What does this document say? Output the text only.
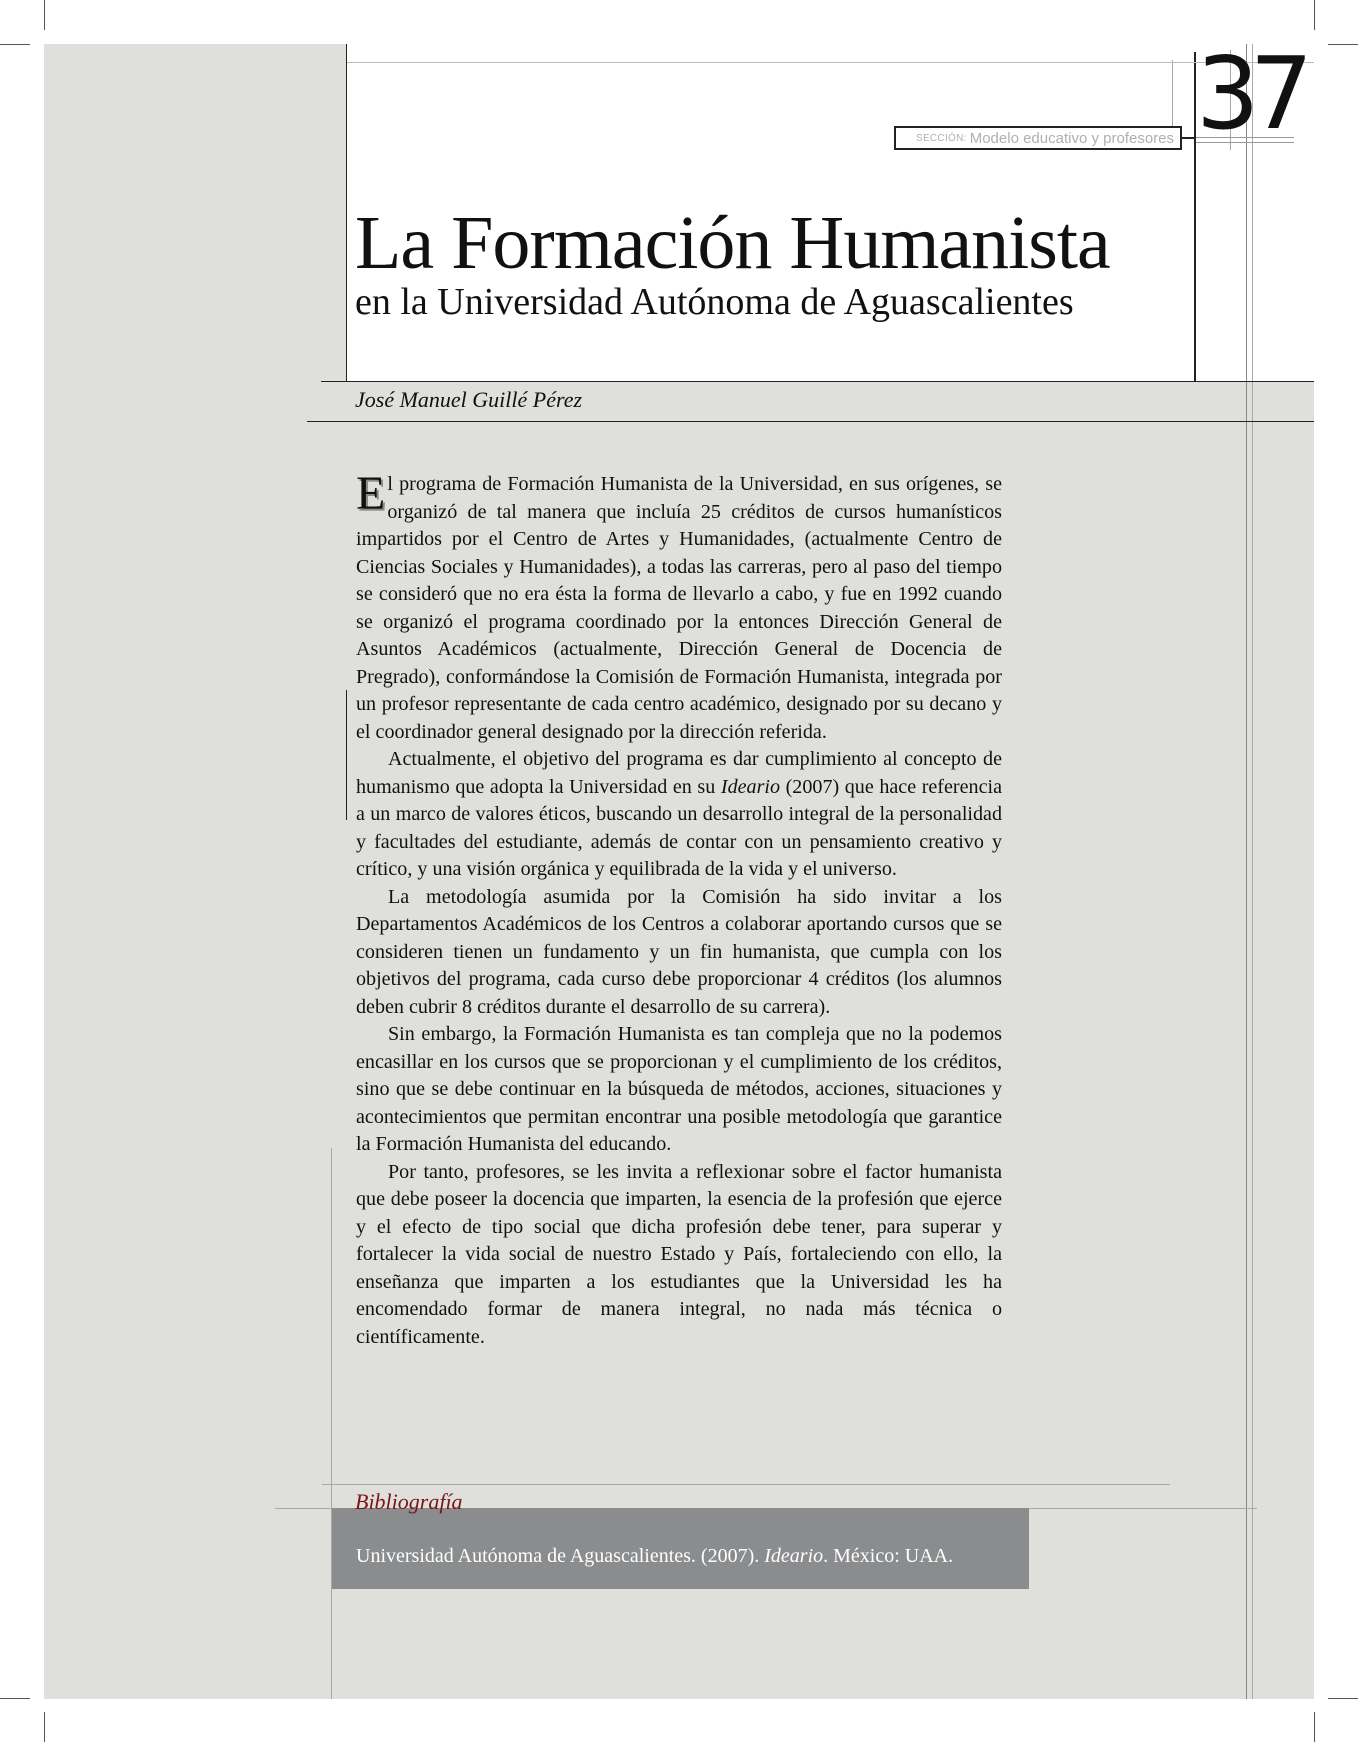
SECCIÓN: Modelo educativo y profesores 37
La Formación Humanista
en la Universidad Autónoma de Aguascalientes
José Manuel Guillé Pérez

El programa de Formación Humanista de la Universidad, en sus orígenes, se organizó de tal manera que incluía 25 créditos de cursos humanísticos impartidos por el Centro de Artes y Humanidades, (actualmente Centro de Ciencias Sociales y Humanidades), a todas las carreras, pero al paso del tiempo se consideró que no era ésta la forma de llevarlo a cabo, y fue en 1992 cuando se organizó el programa coordinado por la entonces Dirección General de Asuntos Académicos (actualmente, Dirección General de Docencia de Pregrado), conformándose la Comisión de Formación Humanista, integrada por un profesor representante de cada centro académico, designado por su decano y el coordinador general designado por la dirección referida.

Actualmente, el objetivo del programa es dar cumplimiento al concepto de humanismo que adopta la Universidad en su Ideario (2007) que hace referencia a un marco de valores éticos, buscando un desarrollo integral de la personalidad y facultades del estudiante, además de contar con un pensamiento creativo y crítico, y una visión orgánica y equilibrada de la vida y el universo.

La metodología asumida por la Comisión ha sido invitar a los Departamentos Académicos de los Centros a colaborar aportando cursos que se consideren tienen un fundamento y un fin humanista, que cumpla con los objetivos del programa, cada curso debe proporcionar 4 créditos (los alumnos deben cubrir 8 créditos durante el desarrollo de su carrera).

Sin embargo, la Formación Humanista es tan compleja que no la podemos encasillar en los cursos que se proporcionan y el cumplimiento de los créditos, sino que se debe continuar en la búsqueda de métodos, acciones, situaciones y acontecimientos que permitan encontrar una posible metodología que garantice la Formación Humanista del educando.

Por tanto, profesores, se les invita a reflexionar sobre el factor humanista que debe poseer la docencia que imparten, la esencia de la profesión que ejerce y el efecto de tipo social que dicha profesión debe tener, para superar y fortalecer la vida social de nuestro Estado y País, fortaleciendo con ello, la enseñanza que imparten a los estudiantes que la Universidad les ha encomendado formar de manera integral, no nada más técnica o científicamente.

Bibliografía
Universidad Autónoma de Aguascalientes. (2007). Ideario. México: UAA.
